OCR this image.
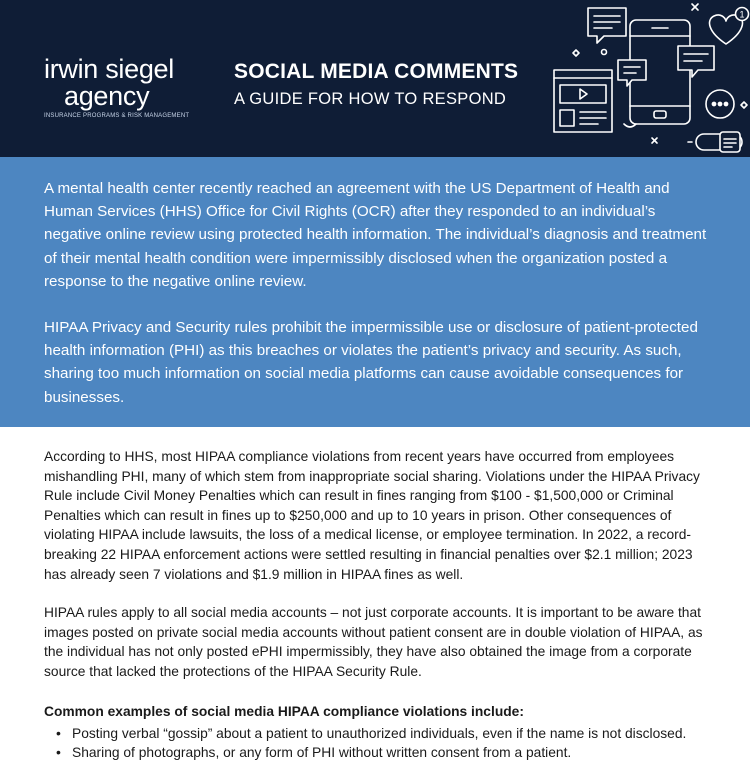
irwin siegel
agency
INSURANCE PROGRAMS & RISK MANAGEMENT
SOCIAL MEDIA COMMENTS
A GUIDE FOR HOW TO RESPOND
1

A mental health center recently reached an agreement with the US Department of Health and Human Services (HHS) Office for Civil Rights (OCR) after they responded to an individual’s negative online review using protected health information. The individual’s diagnosis and treatment of their mental health condition were impermissibly disclosed when the organization posted a response to the negative online review.

HIPAA Privacy and Security rules prohibit the impermissible use or disclosure of patient-protected health information (PHI) as this breaches or violates the patient’s privacy and security. As such, sharing too much information on social media platforms can cause avoidable consequences for businesses.

According to HHS, most HIPAA compliance violations from recent years have occurred from employees mishandling PHI, many of which stem from inappropriate social sharing. Violations under the HIPAA Privacy Rule include Civil Money Penalties which can result in fines ranging from $100 - $1,500,000 or Criminal Penalties which can result in fines up to $250,000 and up to 10 years in prison. Other consequences of violating HIPAA include lawsuits, the loss of a medical license, or employee termination. In 2022, a record-breaking 22 HIPAA enforcement actions were settled resulting in financial penalties over $2.1 million; 2023 has already seen 7 violations and $1.9 million in HIPAA fines as well.

HIPAA rules apply to all social media accounts – not just corporate accounts. It is important to be aware that images posted on private social media accounts without patient consent are in double violation of HIPAA, as the individual has not only posted ePHI impermissibly, they have also obtained the image from a corporate source that lacked the protections of the HIPAA Security Rule.

Common examples of social media HIPAA compliance violations include:
• Posting verbal “gossip” about a patient to unauthorized individuals, even if the name is not disclosed.
• Sharing of photographs, or any form of PHI without written consent from a patient.
